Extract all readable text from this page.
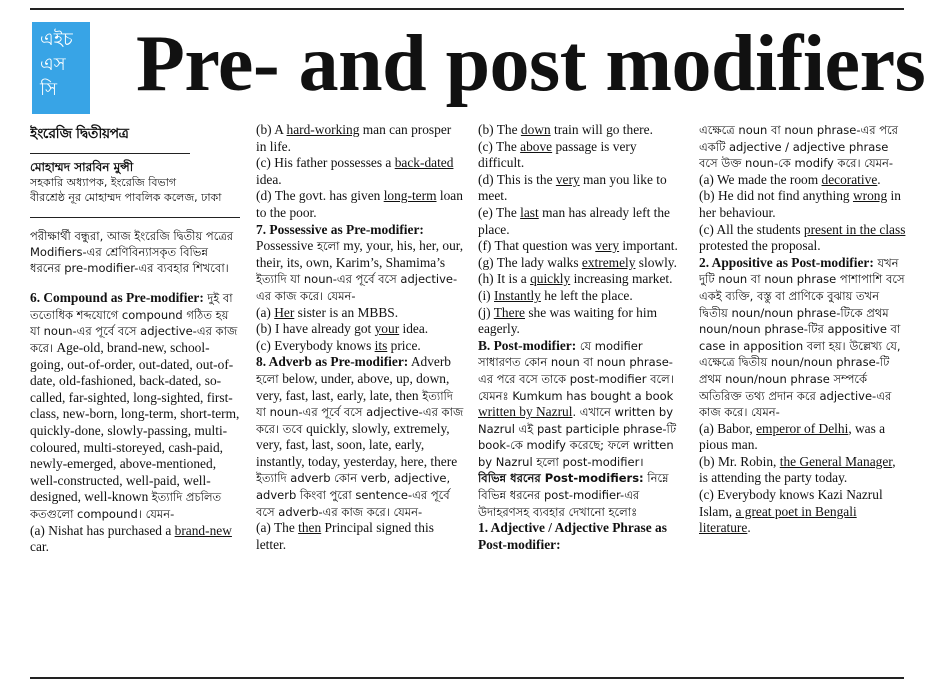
এইচ
এস
সি Pre- and post modifiers
ইংরেজি দ্বিতীয়পত্র
মোহাম্মদ সারবিন মুন্সী
সহকারি অধ্যাপক, ইংরেজি বিভাগ
বীরশ্রেষ্ঠ নূর মোহাম্মদ পাবলিক কলেজ, ঢাকা
পরীক্ষার্থী বন্ধুরা, আজ ইংরেজি দ্বিতীয় পত্রের Modifiers-এর শ্রেণিবিন্যাসকৃত বিভিন্ন ধরনের pre-modifier-এর ব্যবহার শিখবো।

6. Compound as Pre-modifier: দুই বা ততোধিক শব্দযোগে compound গঠিত হয় যা noun-এর পূর্বে বসে adjective-এর কাজ করে। Age-old, brand-new, school-going, out-of-order, out-dated, out-of-date, old-fashioned, back-dated, so-called, far-sighted, long-sighted, first-class, new-born, long-term, short-term, quickly-done, slowly-passing, multi-coloured, multi-storeyed, cash-paid, newly-emerged, above-mentioned, well-constructed, well-paid, well-designed, well-known ইত্যাদি প্রচলিত কতগুলো compound। যেমন-

(a) Nishat has purchased a brand-new car.

(b) A hard-working man can prosper in life.

(c) His father possesses a back-dated idea.

(d) The govt. has given long-term loan to the poor.

7. Possessive as Pre-modifier: Possessive হলো my, your, his, her, our, their, its, own, Karim’s, Shamima’s ইত্যাদি যা noun-এর পূর্বে বসে adjective-এর কাজ করে। যেমন-

(a) Her sister is an MBBS.

(b) I have already got your idea.

(c) Everybody knows its price.

8. Adverb as Pre-modifier: Adverb হলো below, under, above, up, down, very, fast, last, early, late, then ইত্যাদি যা noun-এর পূর্বে বসে adjective-এর কাজ করে। তবে quickly, slowly, extremely, very, fast, last, soon, late, early, instantly, today, yesterday, here, there ইত্যাদি adverb কোন verb, adjective, adverb কিংবা পুরো sentence-এর পূর্বে বসে adverb-এর কাজ করে। যেমন-

(a) The then Principal signed this letter.

(b) The down train will go there.

(c) The above passage is very difficult.

(d) This is the very man you like to meet.

(e) The last man has already left the place.

(f) That question was very important.

(g) The lady walks extremely slowly.

(h) It is a quickly increasing market.

(i) Instantly he left the place.

(j) There she was waiting for him eagerly.

B. Post-modifier: যে modifier সাধারণত কোন noun বা noun phrase-এর পরে বসে তাকে post-modifier বলে। যেমনঃ Kumkum has bought a book written by Nazrul. এখানে written by Nazrul এই past participle phrase-টি book-কে modify করেছে; ফলে written by Nazrul হলো post-modifier।

বিভিন্ন ধরনের Post-modifiers: নিম্নে বিভিন্ন ধরনের post-modifier-এর উদাহরণসহ ব্যবহার দেখানো হলোঃ

1. Adjective / Adjective Phrase as Post-modifier:

এক্ষেত্রে noun বা noun phrase-এর পরে একটি adjective / adjective phrase বসে উক্ত noun-কে modify করে। যেমন-

(a) We made the room decorative.

(b) He did not find anything wrong in her behaviour.

(c) All the students present in the class protested the proposal.

2. Appositive as Post-modifier: যখন দুটি noun বা noun phrase পাশাপাশি বসে একই ব্যক্তি, বস্তু বা প্রাণিকে বুঝায় তখন দ্বিতীয় noun/noun phrase-টিকে প্রথম noun/noun phrase-টির appositive বা case in apposition বলা হয়। উল্লেখ্য যে, এক্ষেত্রে দ্বিতীয় noun/noun phrase-টি প্রথম noun/noun phrase সম্পর্কে অতিরিক্ত তথ্য প্রদান করে adjective-এর কাজ করে। যেমন-

(a) Babor, emperor of Delhi, was a pious man.

(b) Mr. Robin, the General Manager, is attending the party today.

(c) Everybody knows Kazi Nazrul Islam, a great poet in Bengali literature.
